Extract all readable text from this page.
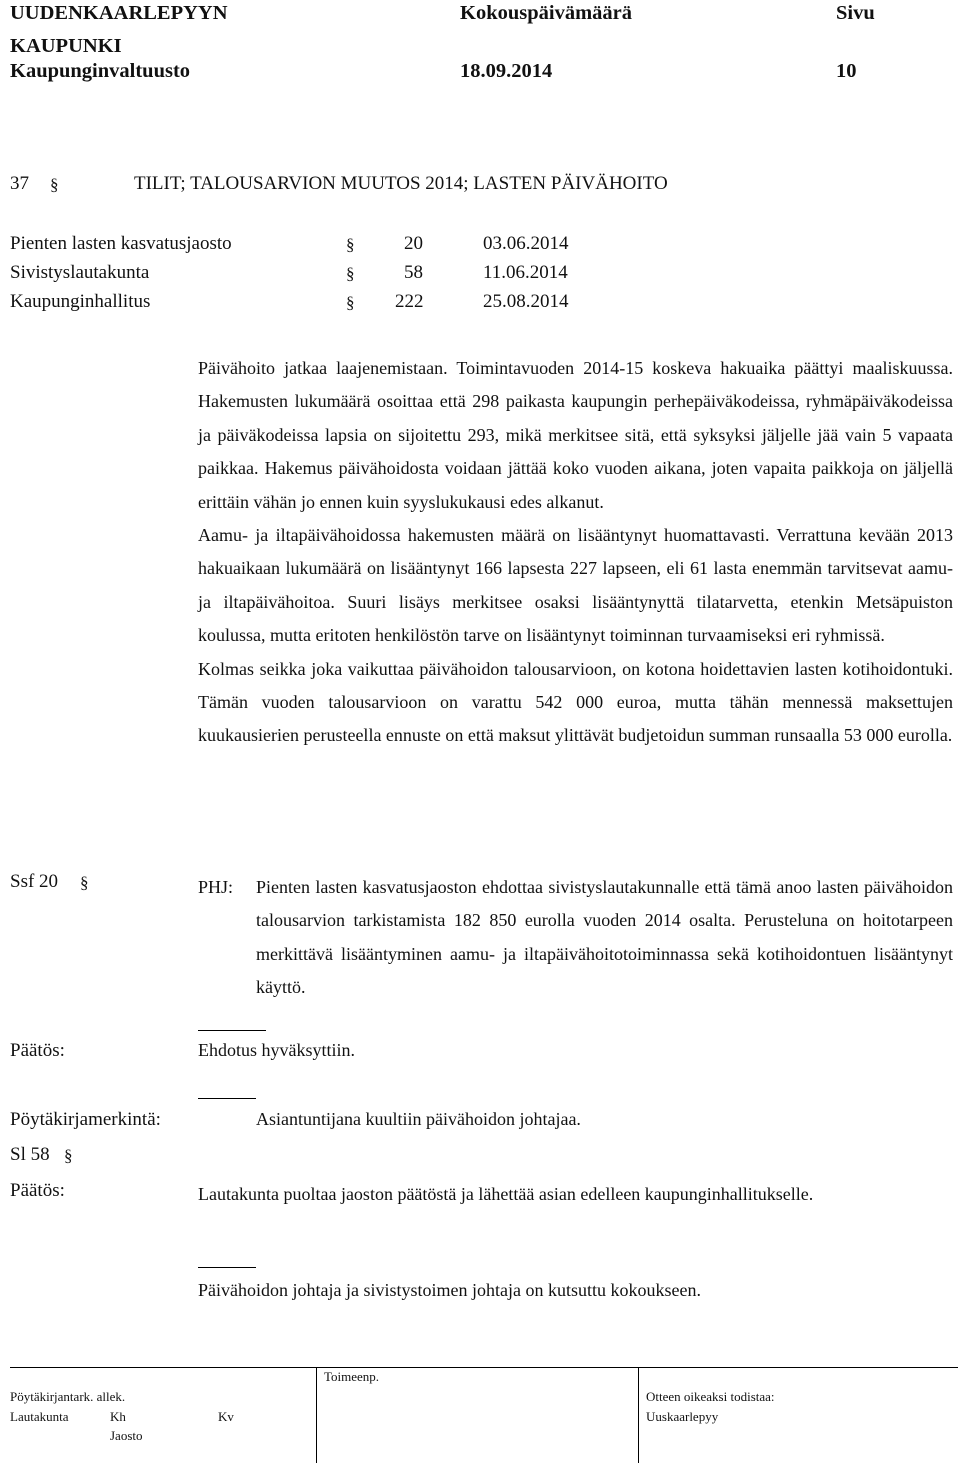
UUDENKAARLEPYYN
KAUPUNKI
Kaupunginvaltuusto
Kokouspäivämäärä
18.09.2014
Sivu
10
37 §	TILIT; TALOUSARVION MUUTOS 2014; LASTEN PÄIVÄHOITO
Pienten lasten kasvatusjaosto	§	20	03.06.2014
Sivistyslautakunta	§	58	11.06.2014
Kaupunginhallitus	§ 222	25.08.2014

Päivähoito jatkaa laajenemistaan. Toimintavuoden 2014-15 koskeva hakuaika päättyi maaliskuussa. Hakemusten lukumäärä osoittaa että 298 paikasta kaupungin perhepäiväkodeissa, ryhmäpäiväkodeissa ja päiväkodeissa lapsia on sijoitettu 293, mikä merkitsee sitä, että syksyksi jäljelle jää vain 5 vapaata paikkaa. Hakemus päivähoidosta voidaan jättää koko vuoden aikana, joten vapaita paikkoja on jäljellä erittäin vähän jo ennen kuin syyslukukausi edes alkanut.

Aamu- ja iltapäivähoidossa hakemusten määrä on lisääntynyt huomattavasti. Verrattuna kevään 2013 hakuaikaan lukumäärä on lisääntynyt 166 lapsesta 227 lapseen, eli 61 lasta enemmän tarvitsevat aamu- ja iltapäivähoitoa. Suuri lisäys merkitsee osaksi lisääntynyttä tilatarvetta, etenkin Metsäpuiston koulussa, mutta eritoten henkilöstön tarve on lisääntynyt toiminnan turvaamiseksi eri ryhmissä.

Kolmas seikka joka vaikuttaa päivähoidon talousarvioon, on kotona hoidettavien lasten kotihoidontuki. Tämän vuoden talousarvioon on varattu 542 000 euroa, mutta tähän mennessä maksettujen kuukausierien perusteella ennuste on että maksut ylittävät budjetoidun summan runsaalla 53 000 eurolla.

Ssf 20 §	PHJ: Pienten lasten kasvatusjaoston ehdottaa sivistyslautakunnalle että tämä anoo lasten päivähoidon talousarvion tarkistamista 182 850 eurolla vuoden 2014 osalta. Perusteluna on hoitotarpeen merkittävä lisääntyminen aamu- ja iltapäivähoitotoiminnassa sekä kotihoidontuen lisääntynyt käyttö.
Päätös:	Ehdotus hyväksyttiin.
Pöytäkirjamerkintä:	Asiantuntijana kuultiin päivähoidon johtajaa.
Sl 58 §
Päätös:	Lautakunta puoltaa jaoston päätöstä ja lähettää asian edelleen kaupunginhallitukselle.
Päivähoidon johtaja ja sivistystoimen johtaja on kutsuttu kokoukseen.
Pöytäkirjantark. allek.
Lautakunta	Kh	Kv
Jaosto
Toimeenp.
Otteen oikeaksi todistaa:
Uuskaarlepyy
